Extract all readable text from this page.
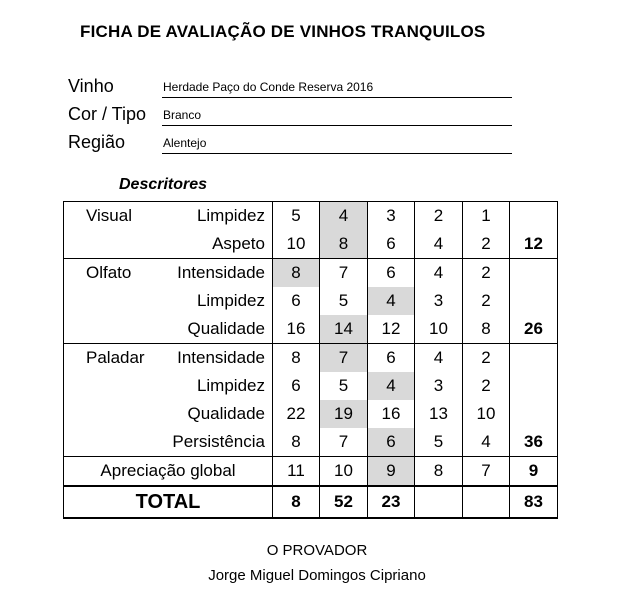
FICHA DE AVALIAÇÃO DE VINHOS TRANQUILOS
Vinho	Herdade Paço do Conde Reserva 2016
Cor / Tipo Branco
Região	Alentejo
Descritores
Visual	Limpidez	5	4	3	2	1	
	Aspeto	10	8	6	4	2	12
Olfato	Intensidade	8	7	6	4	2	
	Limpidez	6	5	4	3	2	
	Qualidade	16	14	12	10	8	26
Paladar	Intensidade	8	7	6	4	2	
	Limpidez	6	5	4	3	2	
	Qualidade	22	19	16	13	10	
	Persistência	8	7	6	5	4	36
Apreciação global		11	10	9	8	7	9
TOTAL		8	52	23			83
O PROVADOR
Jorge Miguel Domingos Cipriano
